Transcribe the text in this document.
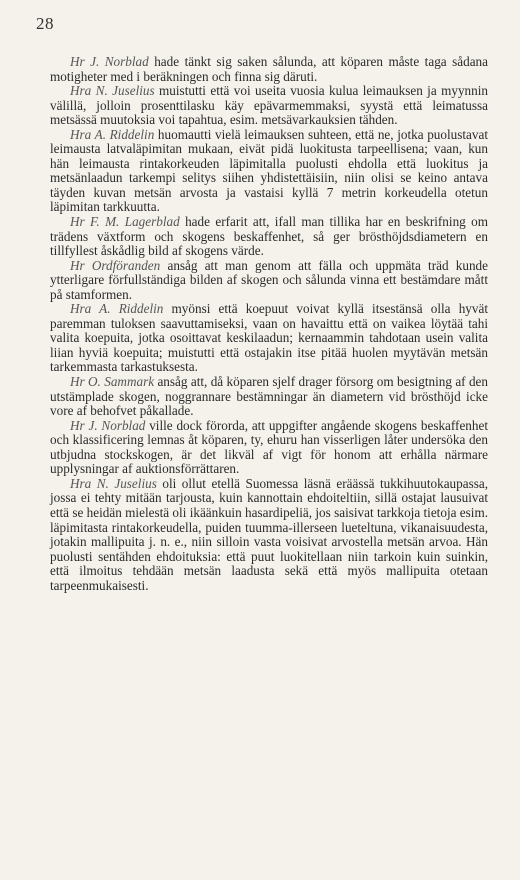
28

Hr J. Norblad hade tänkt sig saken sålunda, att köparen måste taga sådana motigheter med i beräkningen och finna sig däruti.

Hra N. Juselius muistutti että voi useita vuosia kulua leimauksen ja myynnin välillä, jolloin prosenttilasku käy epävarmemmaksi, syystä että leimatussa metsässä muutoksia voi tapahtua, esim. metsävarkauksien tähden.

Hra A. Riddelin huomautti vielä leimauksen suhteen, että ne, jotka puolustavat leimausta latvaläpimitan mukaan, eivät pidä luokitusta tarpeellisena; vaan, kun hän leimausta rintakorkeuden läpimitalla puolusti ehdolla että luokitus ja metsänlaadun tarkempi selitys siihen yhdistettäisiin, niin olisi se keino antava täyden kuvan metsän arvosta ja vastaisi kyllä 7 metrin korkeudella otetun läpimitan tarkkuutta.

Hr F. M. Lagerblad hade erfarit att, ifall man tillika har en beskrifning om trädens växtform och skogens beskaffenhet, så ger brösthöjdsdiametern en tillfyllest åskådlig bild af skogens värde.

Hr Ordföranden ansåg att man genom att fälla och uppmäta träd kunde ytterligare förfullständiga bilden af skogen och sålunda vinna ett bestämdare mått på stamformen.

Hra A. Riddelin myönsi että koepuut voivat kyllä itsestänsä olla hyvät paremman tuloksen saavuttamiseksi, vaan on havaittu että on vaikea löytää tahi valita koepuita, jotka osoittavat keskilaadun; kernaammin tahdotaan usein valita liian hyviä koepuita; muistutti että ostajakin itse pitää huolen myytävän metsän tarkemmasta tarkastuksesta.

Hr O. Sammark ansåg att, då köparen sjelf drager försorg om besigtning af den utstämplade skogen, noggrannare bestämningar än diametern vid brösthöjd icke vore af behofvet påkallade.

Hr J. Norblad ville dock förorda, att uppgifter angående skogens beskaffenhet och klassificering lemnas åt köparen, ty, ehuru han visserligen låter undersöka den utbjudna stockskogen, är det likväl af vigt för honom att erhålla närmare upplysningar af auktionsförrättaren.

Hra N. Juselius oli ollut etellä Suomessa läsnä eräässä tukkihuutokaupassa, jossa ei tehty mitään tarjousta, kuin kannottain ehdoiteltiin, sillä ostajat lausuivat että se heidän mielestä oli ikäänkuin hasardipeliä, jos saisivat tarkkoja tietoja esim. läpimitasta rintakorkeudella, puiden tuumma-illerseen lueteltuna, vikanaisuudesta, jotakin mallipuita j. n. e., niin silloin vasta voisivat arvostella metsän arvoa. Hän puolusti sentähden ehdoituksia: että puut luokitellaan niin tarkoin kuin suinkin, että ilmoitus tehdään metsän laadusta sekä että myös mallipuita otetaan tarpeenmukaisesti.
